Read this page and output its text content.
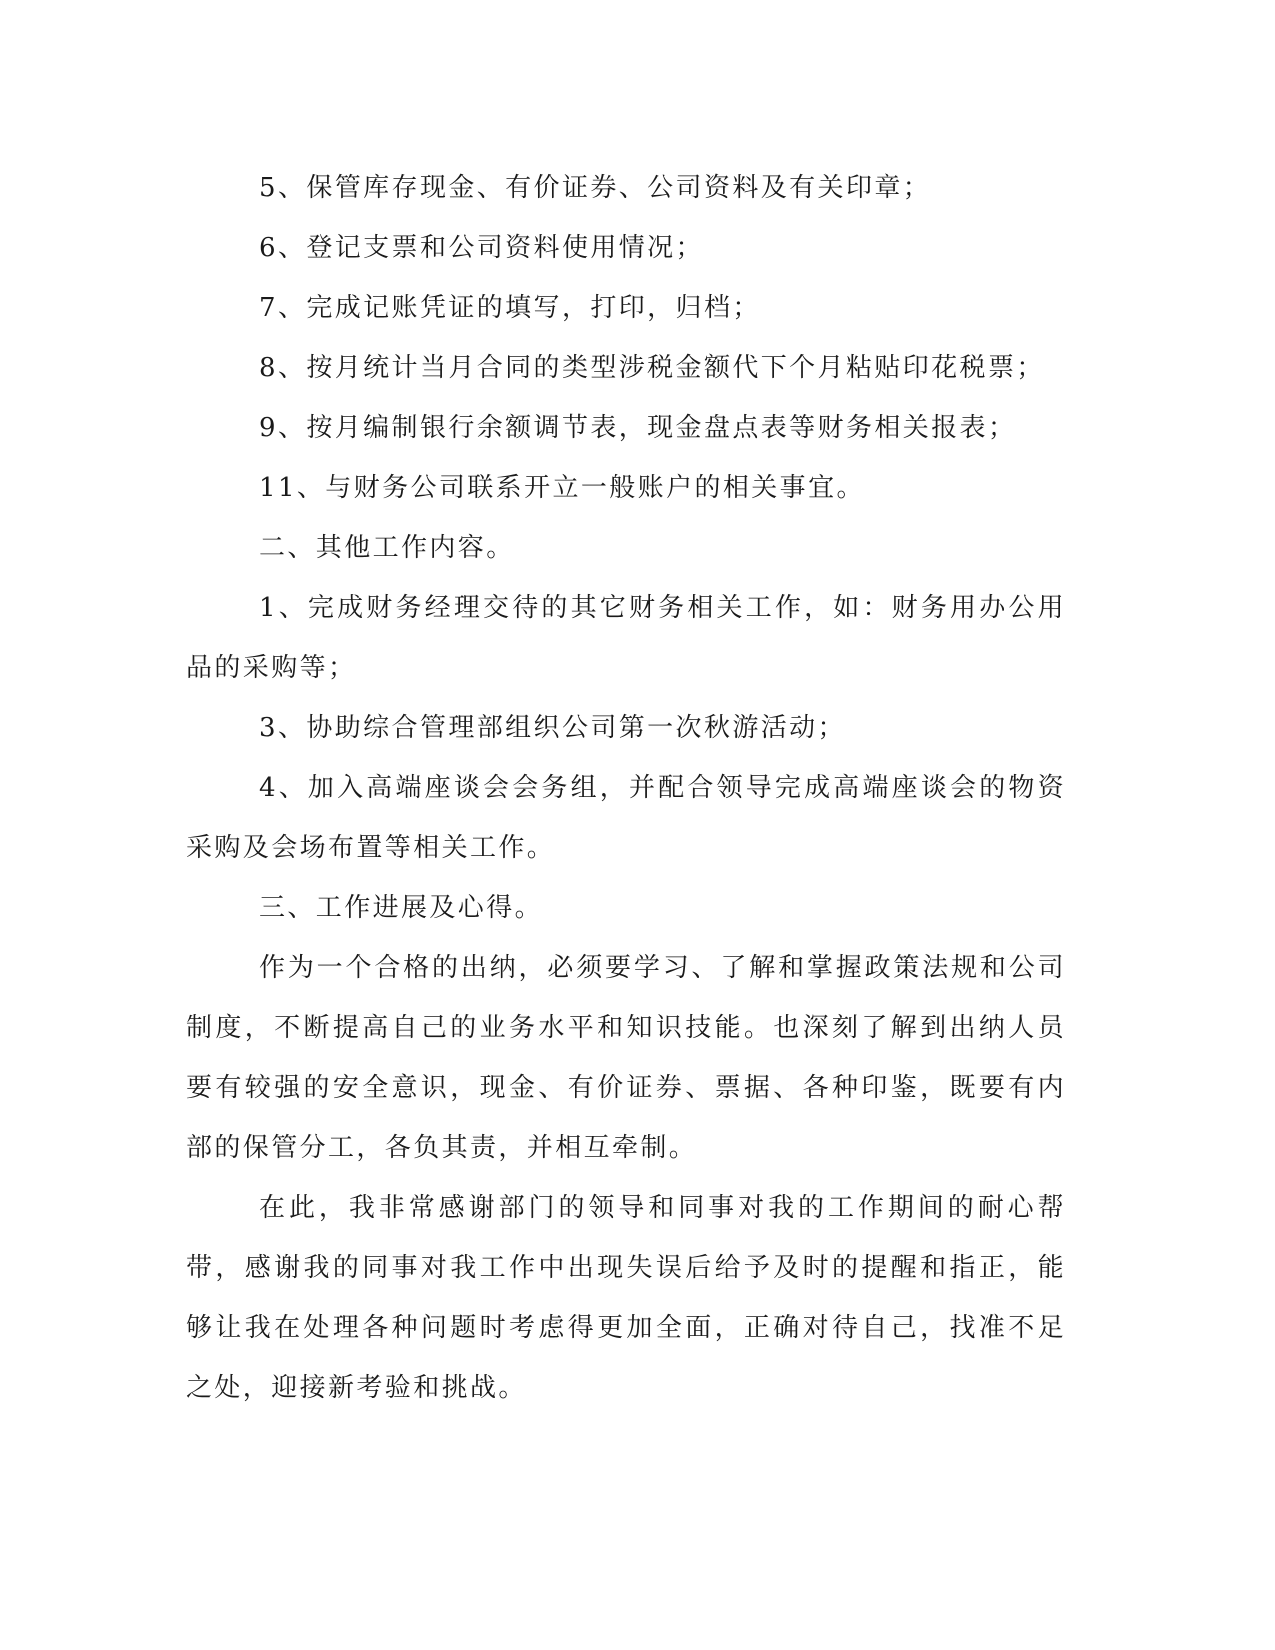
5、保管库存现金、有价证券、公司资料及有关印章；

6、登记支票和公司资料使用情况；

7、完成记账凭证的填写，打印，归档；

8、按月统计当月合同的类型涉税金额代下个月粘贴印花税票；

9、按月编制银行余额调节表，现金盘点表等财务相关报表；

11、与财务公司联系开立一般账户的相关事宜。

二、其他工作内容。

1、完成财务经理交待的其它财务相关工作，如：财务用办公用品的采购等；

3、协助综合管理部组织公司第一次秋游活动；

4、加入高端座谈会会务组，并配合领导完成高端座谈会的物资采购及会场布置等相关工作。

三、工作进展及心得。

作为一个合格的出纳，必须要学习、了解和掌握政策法规和公司制度，不断提高自己的业务水平和知识技能。也深刻了解到出纳人员要有较强的安全意识，现金、有价证券、票据、各种印鉴，既要有内部的保管分工，各负其责，并相互牵制。

在此，我非常感谢部门的领导和同事对我的工作期间的耐心帮带，感谢我的同事对我工作中出现失误后给予及时的提醒和指正，能够让我在处理各种问题时考虑得更加全面，正确对待自己，找准不足之处，迎接新考验和挑战。
